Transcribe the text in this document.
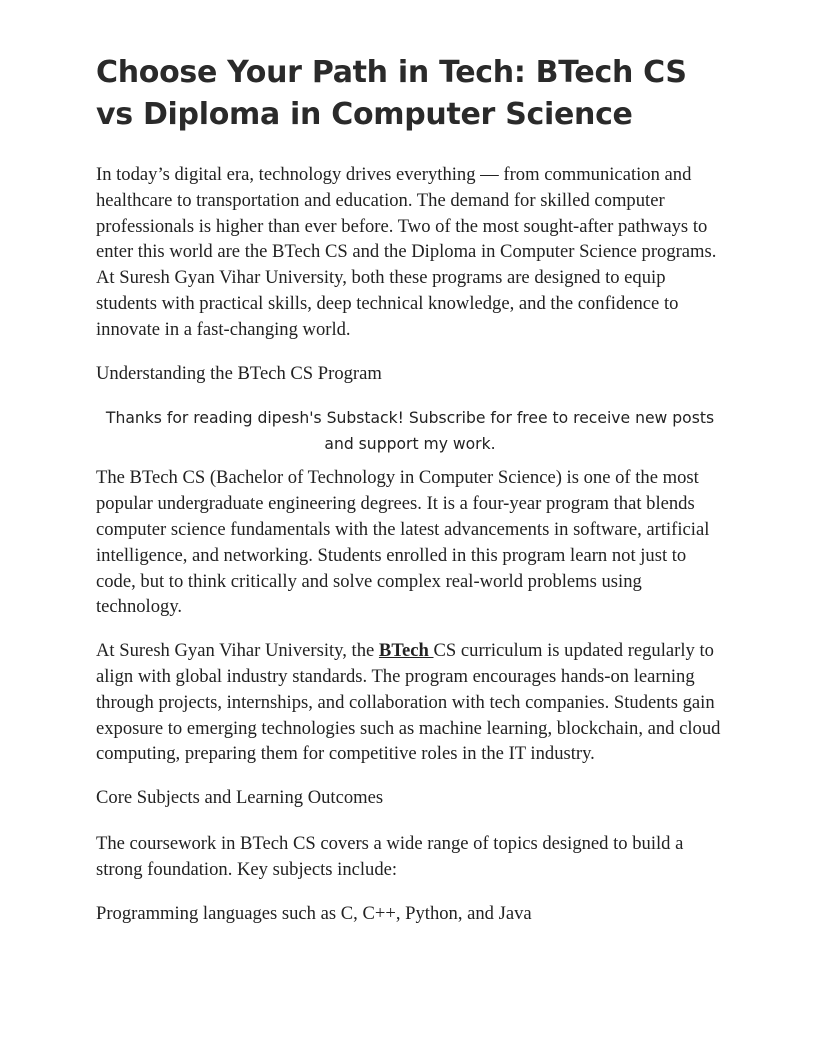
Choose Your Path in Tech: BTech CS vs Diploma in Computer Science

In today’s digital era, technology drives everything — from communication and healthcare to transportation and education. The demand for skilled computer professionals is higher than ever before. Two of the most sought-after pathways to enter this world are the BTech CS and the Diploma in Computer Science programs. At Suresh Gyan Vihar University, both these programs are designed to equip students with practical skills, deep technical knowledge, and the confidence to innovate in a fast-changing world.

Understanding the BTech CS Program

Thanks for reading dipesh's Substack! Subscribe for free to receive new posts and support my work.

The BTech CS (Bachelor of Technology in Computer Science) is one of the most popular undergraduate engineering degrees. It is a four-year program that blends computer science fundamentals with the latest advancements in software, artificial intelligence, and networking. Students enrolled in this program learn not just to code, but to think critically and solve complex real-world problems using technology.

At Suresh Gyan Vihar University, the BTech CS curriculum is updated regularly to align with global industry standards. The program encourages hands-on learning through projects, internships, and collaboration with tech companies. Students gain exposure to emerging technologies such as machine learning, blockchain, and cloud computing, preparing them for competitive roles in the IT industry.

Core Subjects and Learning Outcomes

The coursework in BTech CS covers a wide range of topics designed to build a strong foundation. Key subjects include:

Programming languages such as C, C++, Python, and Java
